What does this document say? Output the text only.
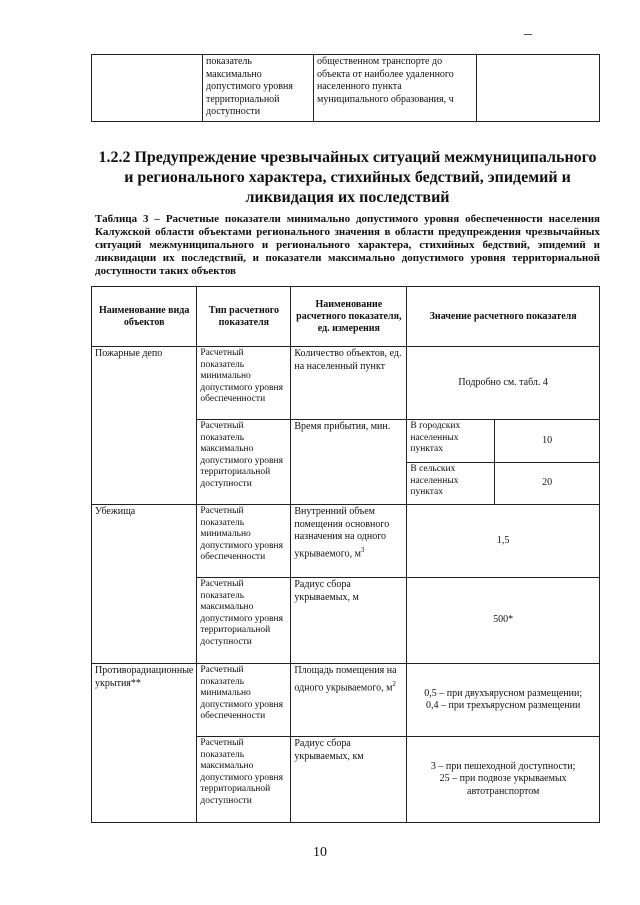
	показатель максимально допустимого уровня территориальной доступности	общественном транспорте до объекта от наиболее удаленного населенного пункта муниципального образования, ч	
1.2.2 Предупреждение чрезвычайных ситуаций межмуниципального и регионального характера, стихийных бедствий, эпидемий и ликвидация их последствий

Таблица 3 – Расчетные показатели минимально допустимого уровня обеспеченности населения Калужской области объектами регионального значения в области предупреждения чрезвычайных ситуаций межмуниципального и регионального характера, стихийных бедствий, эпидемий и ликвидации их последствий, и показатели максимально допустимого уровня территориальной доступности таких объектов

Наименование вида объектов	Тип расчетного показателя	Наименование расчетного показателя, ед. измерения	Значение расчетного показателя	
Пожарные депо	Расчетный показатель минимально допустимого уровня обеспеченности	Количество объектов, ед. на населенный пункт	Подробно см. табл. 4	
	Расчетный показатель максимально допустимого уровня территориальной доступности	Время прибытия, мин.	В городских населенных пунктах	10
			В сельских населенных пунктах	20
Убежища	Расчетный показатель минимально допустимого уровня обеспеченности	Внутренний объем помещения основного назначения на одного укрываемого, $м^3$	1,5	
	Расчетный показатель максимально допустимого уровня территориальной доступности	Радиус сбора укрываемых, м	500*	
Противорадиационные укрытия**	Расчетный показатель минимально допустимого уровня обеспеченности	Площадь помещения на одного укрываемого, $м^2$	0,5 – при двухъярусном размещении;
0,4 – при трехъярусном размещении	

	Расчетный показатель максимально допустимого уровня территориальной доступности	Радиус сбора укрываемых, км	3 – при пешеходной доступности;
25 – при подвозе укрываемых автотранспортом	
10
